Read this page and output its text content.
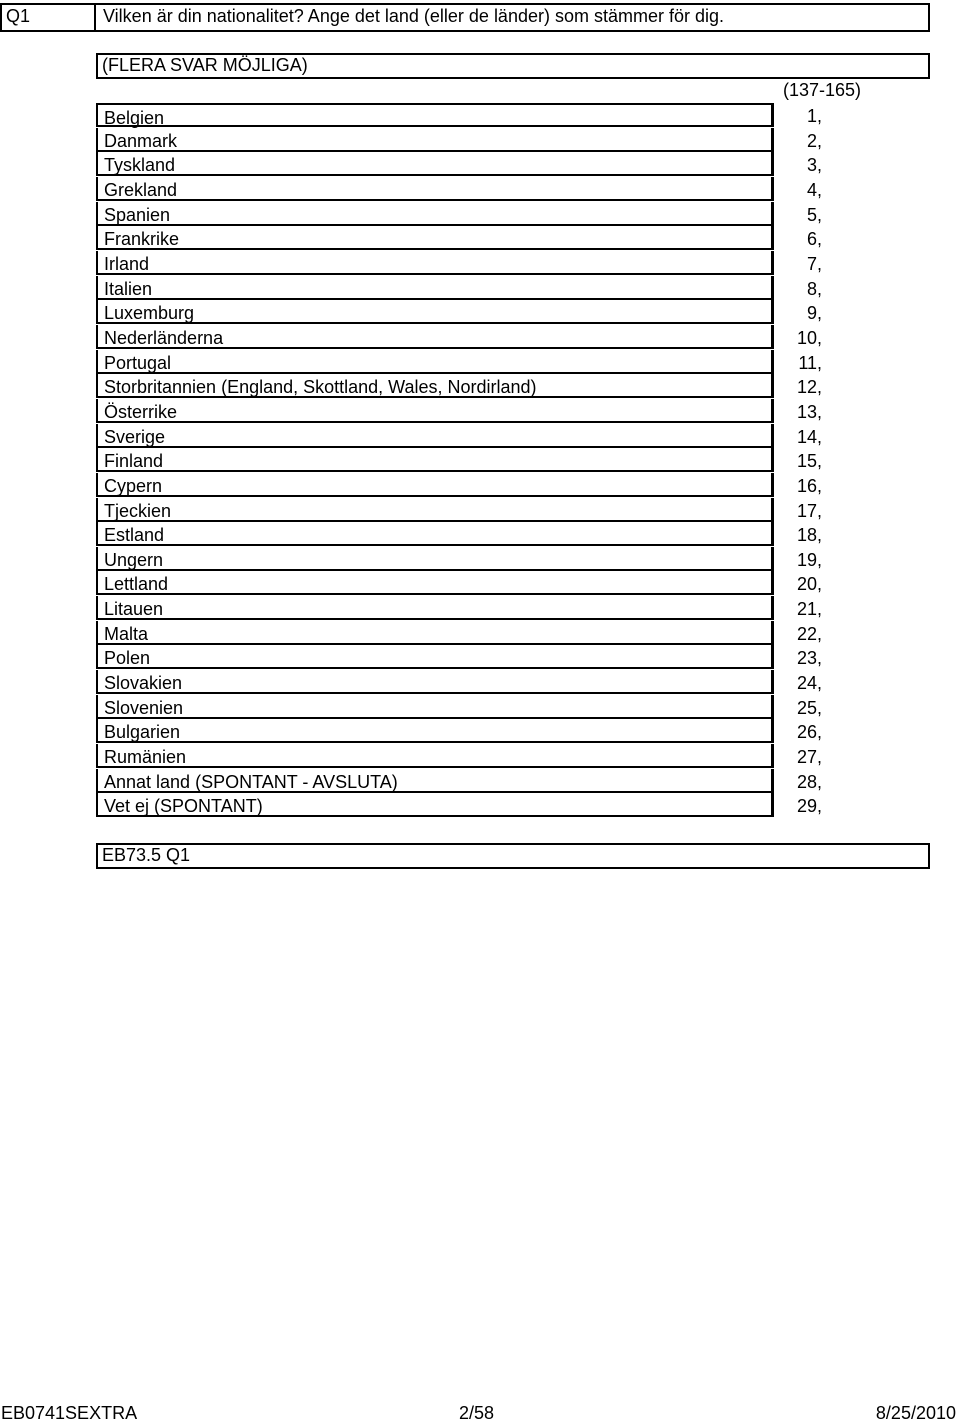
Q1	Vilken är din nationalitet? Ange det land (eller de länder) som stämmer för dig.
(FLERA SVAR MÖJLIGA)
(137-165)
Belgien	1,
Danmark	2,
Tyskland	3,
Grekland	4,
Spanien	5,
Frankrike	6,
Irland	7,
Italien	8,
Luxemburg	9,
Nederländerna	10,
Portugal	11,
Storbritannien (England, Skottland, Wales, Nordirland)	12,
Österrike	13,
Sverige	14,
Finland	15,
Cypern	16,
Tjeckien	17,
Estland	18,
Ungern	19,
Lettland	20,
Litauen	21,
Malta	22,
Polen	23,
Slovakien	24,
Slovenien	25,
Bulgarien	26,
Rumänien	27,
Annat land (SPONTANT - AVSLUTA)	28,
Vet ej (SPONTANT)	29,
EB73.5 Q1
EB0741SEXTRA	2/58	8/25/2010
